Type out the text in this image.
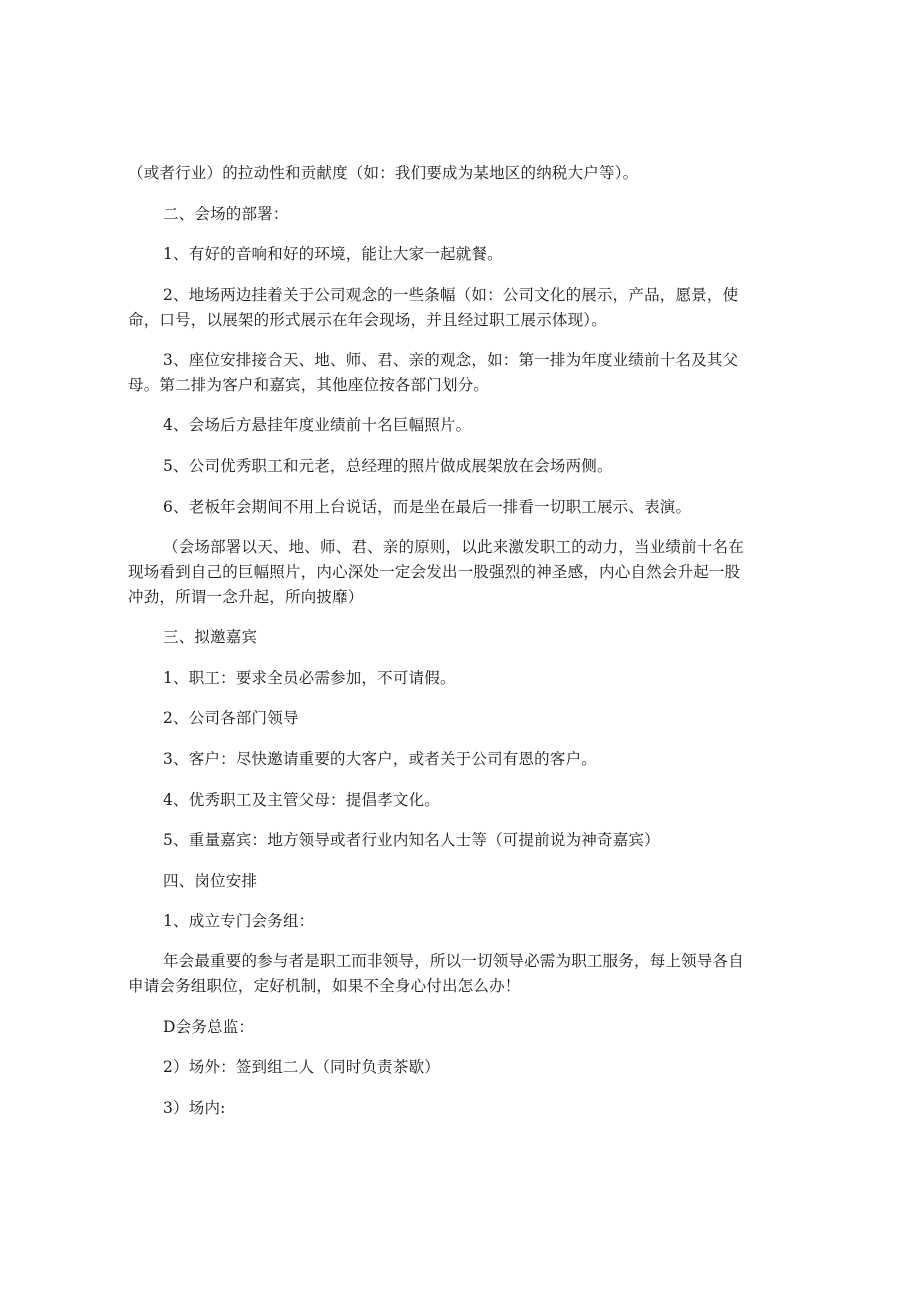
（或者行业）的拉动性和贡献度（如：我们要成为某地区的纳税大户等）。

二、会场的部署：

1、有好的音响和好的环境，能让大家一起就餐。

2、地场两边挂着关于公司观念的一些条幅（如：公司文化的展示，产品，愿景，使

命，口号，以展架的形式展示在年会现场，并且经过职工展示体现）。

3、座位安排接合天、地、师、君、亲的观念，如：第一排为年度业绩前十名及其父

母。第二排为客户和嘉宾，其他座位按各部门划分。

4、会场后方悬挂年度业绩前十名巨幅照片。

5、公司优秀职工和元老，总经理的照片做成展架放在会场两侧。

6、老板年会期间不用上台说话，而是坐在最后一排看一切职工展示、表演。

（会场部署以天、地、师、君、亲的原则，以此来激发职工的动力，当业绩前十名在

现场看到自己的巨幅照片，内心深处一定会发出一股强烈的神圣感，内心自然会升起一股

冲劲，所谓一念升起，所向披靡）

三、拟邀嘉宾

1、职工：要求全员必需参加，不可请假。

2、公司各部门领导

3、客户：尽快邀请重要的大客户，或者关于公司有恩的客户。

4、优秀职工及主管父母：提倡孝文化。

5、重量嘉宾：地方领导或者行业内知名人士等（可提前说为神奇嘉宾）

四、岗位安排

1、成立专门会务组：

年会最重要的参与者是职工而非领导，所以一切领导必需为职工服务，每上领导各自

申请会务组职位，定好机制，如果不全身心付出怎么办！

D会务总监：

2）场外：签到组二人（同时负责茶歇）

3）场内:
